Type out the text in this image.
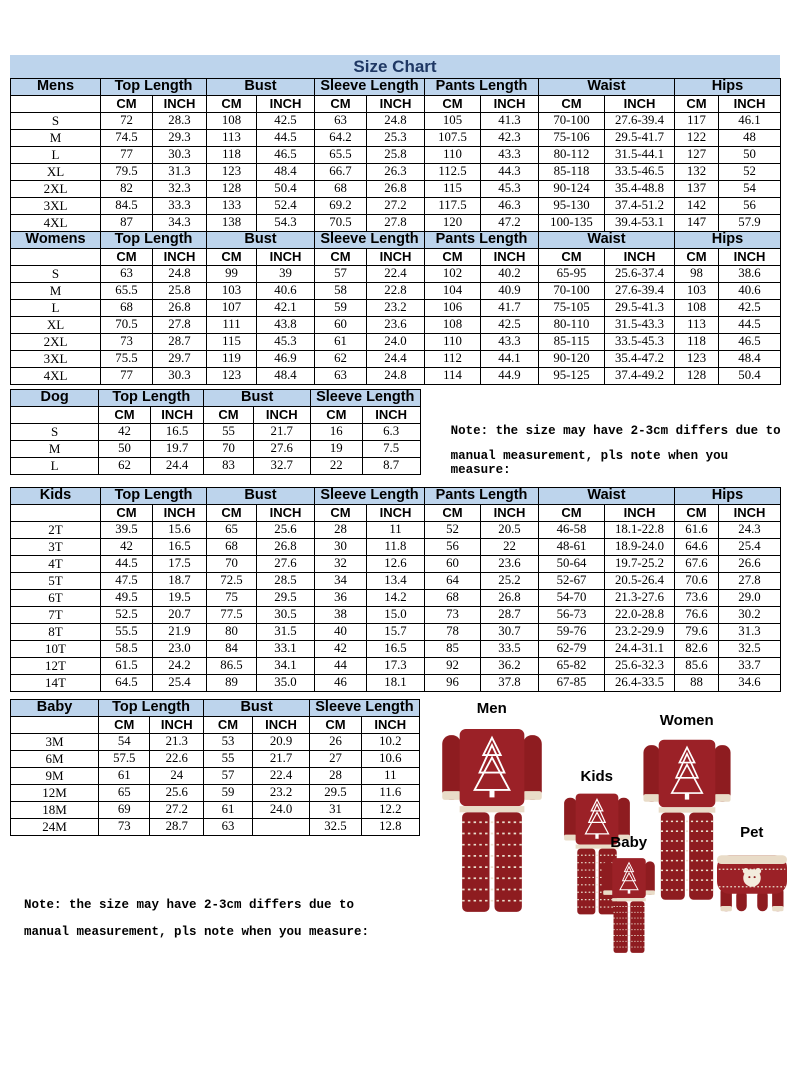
Size Chart
Mens	Top Length		Bust		Sleeve Length		Pants Length		Waist		Hips	
	CM	INCH	CM	INCH	CM	INCH	CM	INCH	CM	INCH	CM	INCH
S	72	28.3	108	42.5	63	24.8	105	41.3	70-100	27.6-39.4	117	46.1
M	74.5	29.3	113	44.5	64.2	25.3	107.5	42.3	75-106	29.5-41.7	122	48
L	77	30.3	118	46.5	65.5	25.8	110	43.3	80-112	31.5-44.1	127	50
XL	79.5	31.3	123	48.4	66.7	26.3	112.5	44.3	85-118	33.5-46.5	132	52
2XL	82	32.3	128	50.4	68	26.8	115	45.3	90-124	35.4-48.8	137	54
3XL	84.5	33.3	133	52.4	69.2	27.2	117.5	46.3	95-130	37.4-51.2	142	56
4XL	87	34.3	138	54.3	70.5	27.8	120	47.2	100-135	39.4-53.1	147	57.9
Womens	Top Length		Bust		Sleeve Length		Pants Length		Waist		Hips	
	CM	INCH	CM	INCH	CM	INCH	CM	INCH	CM	INCH	CM	INCH
S	63	24.8	99	39	57	22.4	102	40.2	65-95	25.6-37.4	98	38.6
M	65.5	25.8	103	40.6	58	22.8	104	40.9	70-100	27.6-39.4	103	40.6
L	68	26.8	107	42.1	59	23.2	106	41.7	75-105	29.5-41.3	108	42.5
XL	70.5	27.8	111	43.8	60	23.6	108	42.5	80-110	31.5-43.3	113	44.5
2XL	73	28.7	115	45.3	61	24.0	110	43.3	85-115	33.5-45.3	118	46.5
3XL	75.5	29.7	119	46.9	62	24.4	112	44.1	90-120	35.4-47.2	123	48.4
4XL	77	30.3	123	48.4	63	24.8	114	44.9	95-125	37.4-49.2	128	50.4
Dog	Top Length		Bust		Sleeve Length	
	CM	INCH	CM	INCH	CM	INCH
S	42	16.5	55	21.7	16	6.3
M	50	19.7	70	27.6	19	7.5
L	62	24.4	83	32.7	22	8.7
Note: the size may have 2-3cm differs due to
manual measurement, pls note when you measure:
Kids	Top Length		Bust		Sleeve Length		Pants Length		Waist		Hips	
	CM	INCH	CM	INCH	CM	INCH	CM	INCH	CM	INCH	CM	INCH
2T	39.5	15.6	65	25.6	28	11	52	20.5	46-58	18.1-22.8	61.6	24.3
3T	42	16.5	68	26.8	30	11.8	56	22	48-61	18.9-24.0	64.6	25.4
4T	44.5	17.5	70	27.6	32	12.6	60	23.6	50-64	19.7-25.2	67.6	26.6
5T	47.5	18.7	72.5	28.5	34	13.4	64	25.2	52-67	20.5-26.4	70.6	27.8
6T	49.5	19.5	75	29.5	36	14.2	68	26.8	54-70	21.3-27.6	73.6	29.0
7T	52.5	20.7	77.5	30.5	38	15.0	73	28.7	56-73	22.0-28.8	76.6	30.2
8T	55.5	21.9	80	31.5	40	15.7	78	30.7	59-76	23.2-29.9	79.6	31.3
10T	58.5	23.0	84	33.1	42	16.5	85	33.5	62-79	24.4-31.1	82.6	32.5
12T	61.5	24.2	86.5	34.1	44	17.3	92	36.2	65-82	25.6-32.3	85.6	33.7
14T	64.5	25.4	89	35.0	46	18.1	96	37.8	67-85	26.4-33.5	88	34.6
Baby	Top Length		Bust		Sleeve Length	
	CM	INCH	CM	INCH	CM	INCH
3M	54	21.3	53	20.9	26	10.2
6M	57.5	22.6	55	21.7	27	10.6
9M	61	24	57	22.4	28	11
12M	65	25.6	59	23.2	29.5	11.6
18M	69	27.2	61	24.0	31	12.2
24M	73	28.7	63		32.5	12.8
Note: the size may have 2-3cm differs due to
manual measurement, pls note when you measure:
Men
Kids
Women
Baby
Pet
